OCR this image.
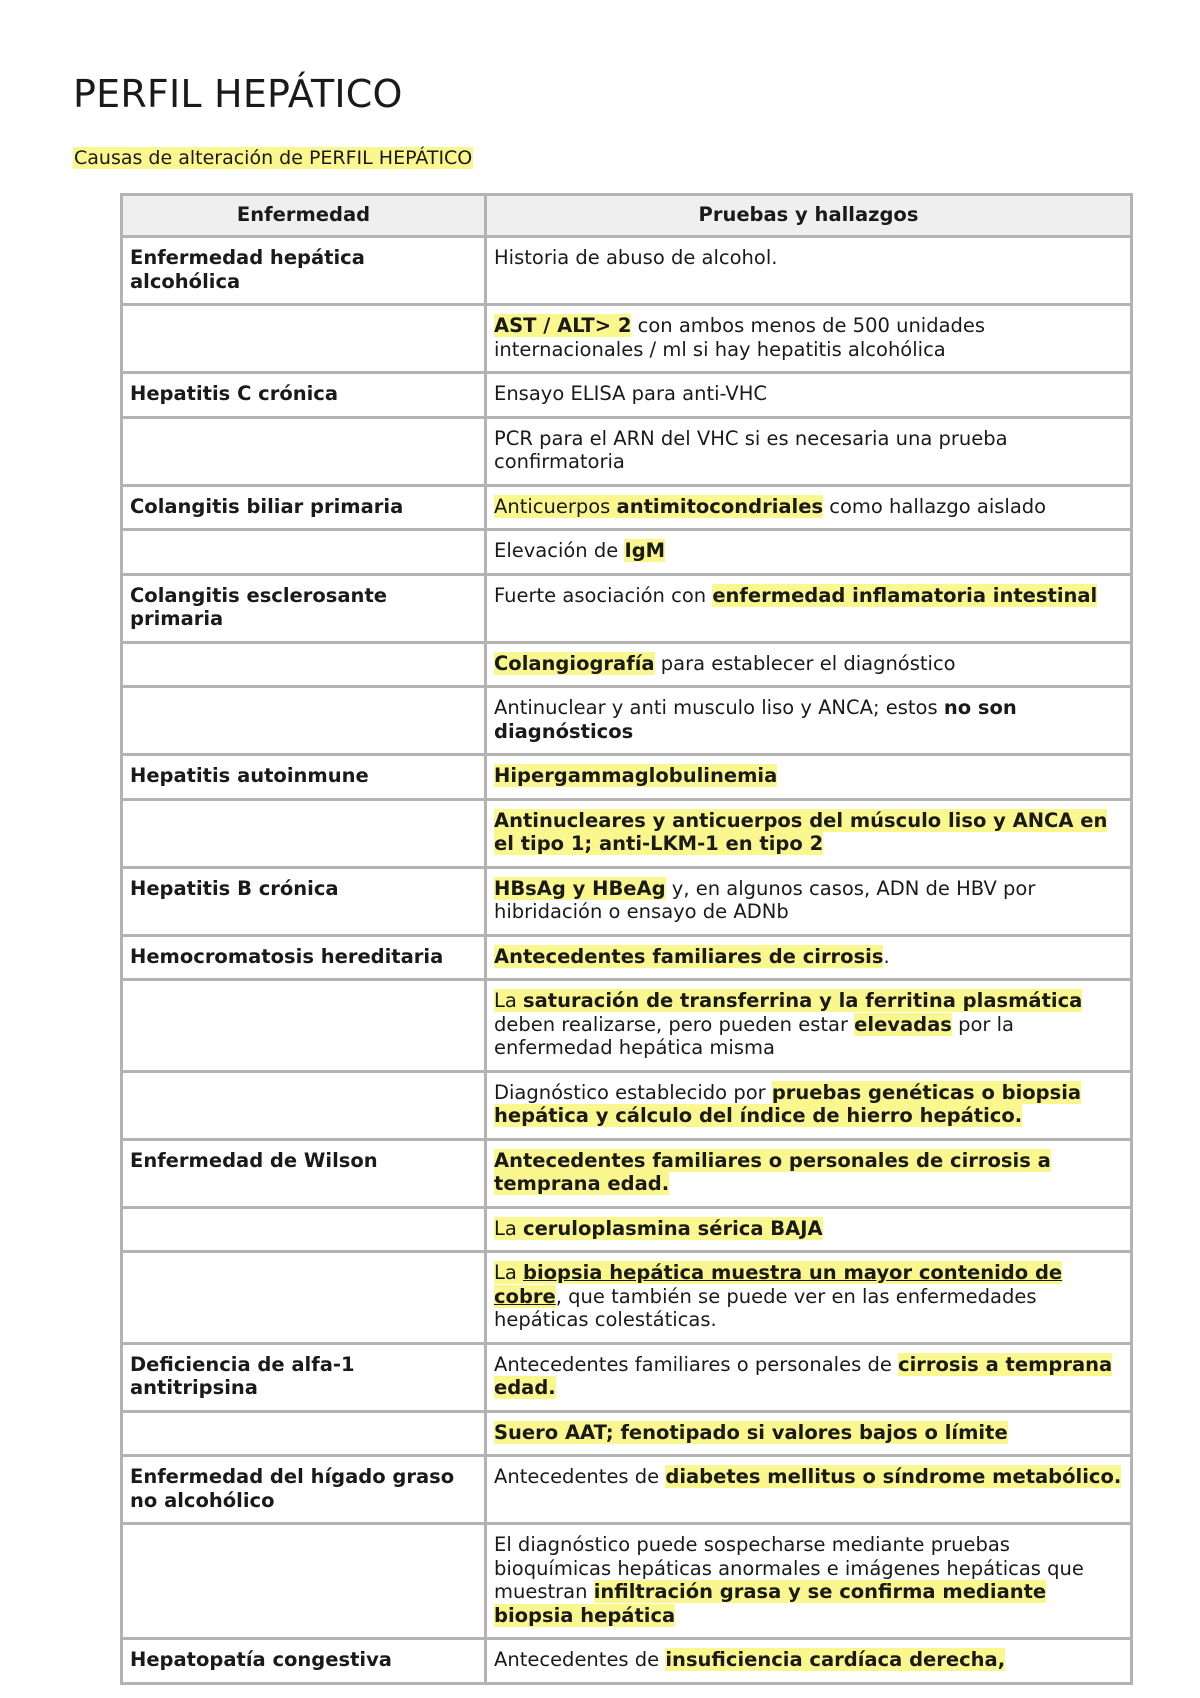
PERFIL HEPÁTICO

Causas de alteración de PERFIL HEPÁTICO

Enfermedad	Pruebas y hallazgos
Enfermedad hepática alcohólica	Historia de abuso de alcohol.
	AST / ALT> 2 con ambos menos de 500 unidades internacionales / ml si hay hepatitis alcohólica
Hepatitis C crónica	Ensayo ELISA para anti-VHC
	PCR para el ARN del VHC si es necesaria una prueba confirmatoria
Colangitis biliar primaria	Anticuerpos antimitocondriales como hallazgo aislado
	Elevación de IgM
Colangitis esclerosante primaria	Fuerte asociación con enfermedad inflamatoria intestinal
	Colangiografía para establecer el diagnóstico
	Antinuclear y anti musculo liso y ANCA; estos no son diagnósticos
Hepatitis autoinmune	Hipergammaglobulinemia
	Antinucleares y anticuerpos del músculo liso y ANCA en el tipo 1; anti-LKM-1 en tipo 2
Hepatitis B crónica	HBsAg y HBeAg y, en algunos casos, ADN de HBV por hibridación o ensayo de ADNb
Hemocromatosis hereditaria	Antecedentes familiares de cirrosis.
	La saturación de transferrina y la ferritina plasmática deben realizarse, pero pueden estar elevadas por la enfermedad hepática misma
	Diagnóstico establecido por pruebas genéticas o biopsia hepática y cálculo del índice de hierro hepático.
Enfermedad de Wilson	Antecedentes familiares o personales de cirrosis a temprana edad.
	La ceruloplasmina sérica BAJA
	La biopsia hepática muestra un mayor contenido de cobre, que también se puede ver en las enfermedades hepáticas colestáticas.
Deficiencia de alfa-1 antitripsina	Antecedentes familiares o personales de cirrosis a temprana edad.
	Suero AAT; fenotipado si valores bajos o límite
Enfermedad del hígado graso no alcohólico	Antecedentes de diabetes mellitus o síndrome metabólico.
	El diagnóstico puede sospecharse mediante pruebas bioquímicas hepáticas anormales e imágenes hepáticas que muestran infiltración grasa y se confirma mediante biopsia hepática
Hepatopatía congestiva	Antecedentes de insuficiencia cardíaca derecha,
